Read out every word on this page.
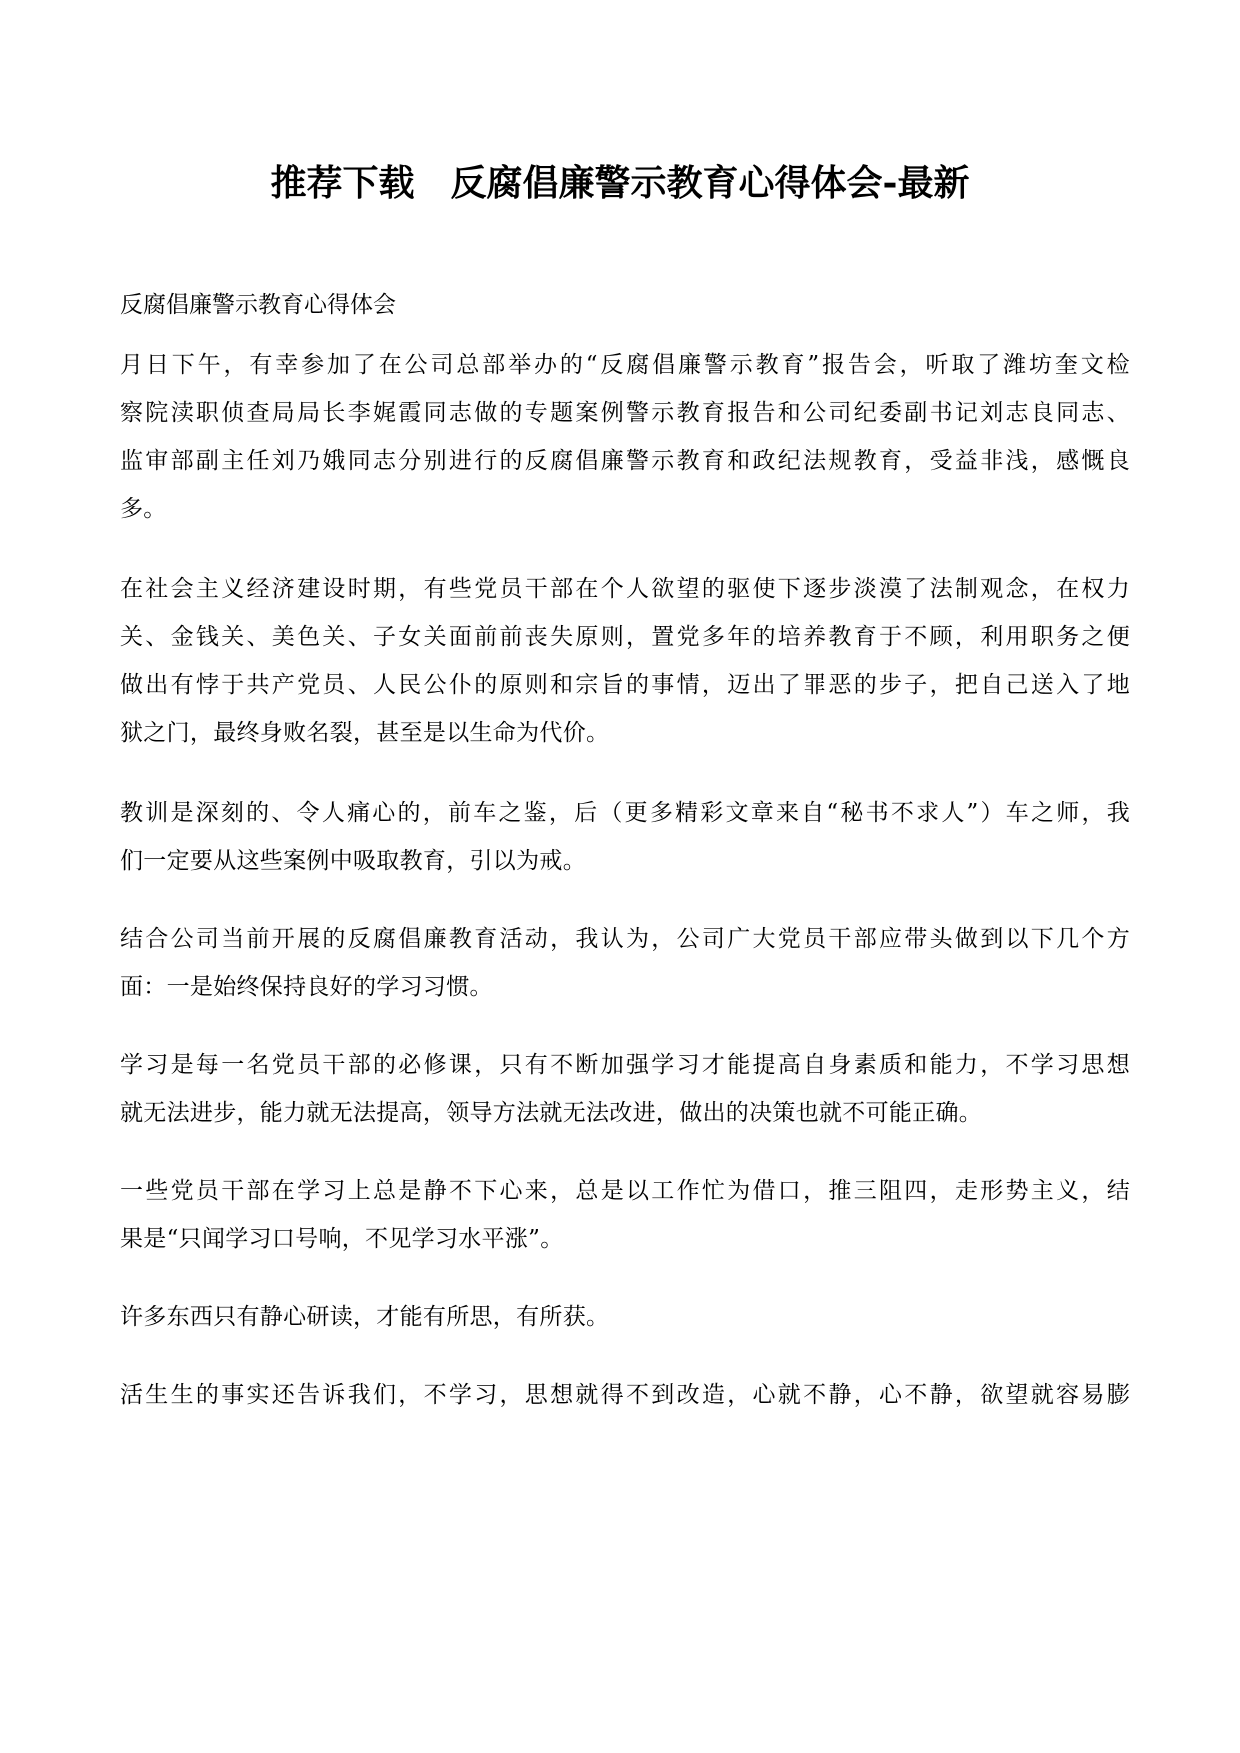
推荐下载　反腐倡廉警示教育心得体会-最新
反腐倡廉警示教育心得体会
月日下午，有幸参加了在公司总部举办的“反腐倡廉警示教育”报告会，听取了潍坊奎文检
察院渎职侦查局局长李娓霞同志做的专题案例警示教育报告和公司纪委副书记刘志良同志、
监审部副主任刘乃娥同志分别进行的反腐倡廉警示教育和政纪法规教育，受益非浅，感慨良
多。
在社会主义经济建设时期，有些党员干部在个人欲望的驱使下逐步淡漠了法制观念，在权力
关、金钱关、美色关、子女关面前前丧失原则，置党多年的培养教育于不顾，利用职务之便
做出有悖于共产党员、人民公仆的原则和宗旨的事情，迈出了罪恶的步子，把自己送入了地
狱之门，最终身败名裂，甚至是以生命为代价。
教训是深刻的、令人痛心的，前车之鉴，后（更多精彩文章来自“秘书不求人”）车之师，我
们一定要从这些案例中吸取教育，引以为戒。
结合公司当前开展的反腐倡廉教育活动，我认为，公司广大党员干部应带头做到以下几个方
面：一是始终保持良好的学习习惯。
学习是每一名党员干部的必修课，只有不断加强学习才能提高自身素质和能力，不学习思想
就无法进步，能力就无法提高，领导方法就无法改进，做出的决策也就不可能正确。
一些党员干部在学习上总是静不下心来，总是以工作忙为借口，推三阻四，走形势主义，结
果是“只闻学习口号响，不见学习水平涨”。
许多东西只有静心研读，才能有所思，有所获。
活生生的事实还告诉我们，不学习，思想就得不到改造，心就不静，心不静，欲望就容易膨
